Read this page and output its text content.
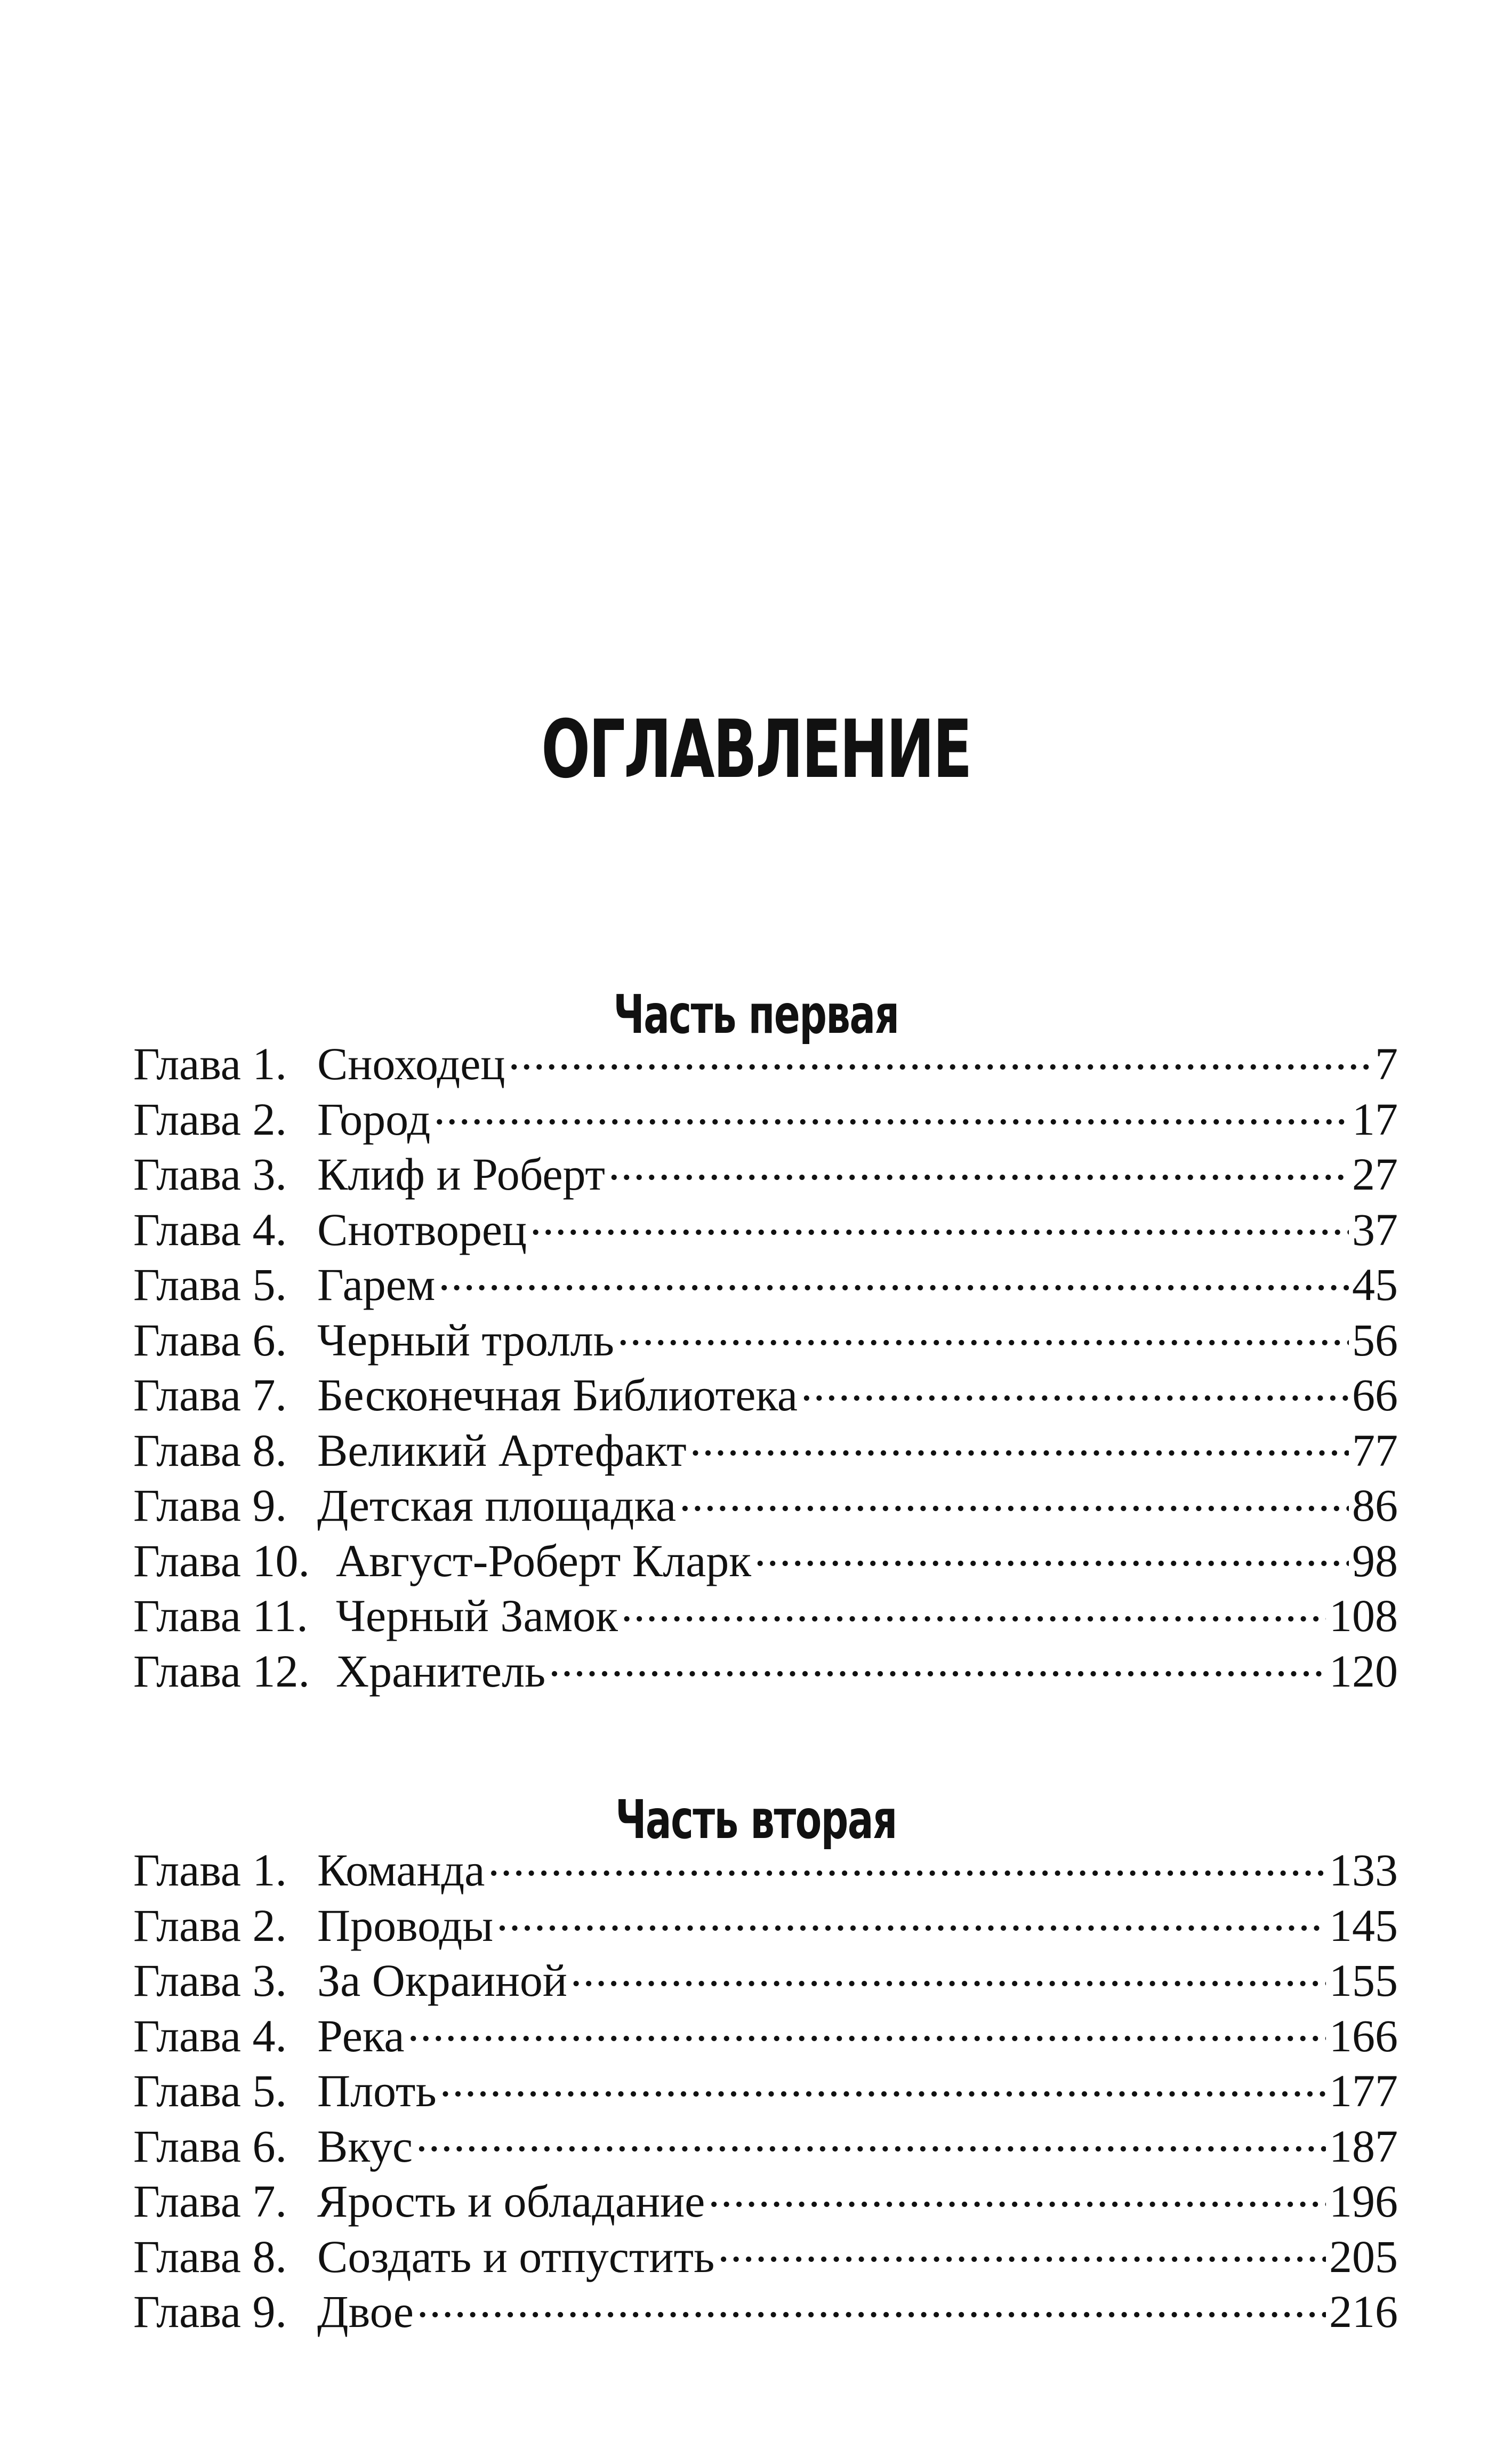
ОГЛАВЛЕНИЕ
Часть первая
Глава 1. Сноходец .....	7
Глава 2. Город .....	17
Глава 3. Клиф и Роберт .....	27
Глава 4. Снотворец .....	37
Глава 5. Гарем .....	45
Глава 6. Черный тролль .....	56
Глава 7. Бесконечная Библиотека .....	66
Глава 8. Великий Артефакт .....	77
Глава 9. Детская площадка .....	86
Глава 10. Август-Роберт Кларк .....	98
Глава 11. Черный Замок .....	108
Глава 12. Хранитель .....	120
Часть вторая
Глава 1. Команда .....	133
Глава 2. Проводы .....	145
Глава 3. За Окраиной .....	155
Глава 4. Река .....	166
Глава 5. Плоть .....	177
Глава 6. Вкус .....	187
Глава 7. Ярость и обладание .....	196
Глава 8. Создать и отпустить .....	205
Глава 9. Двое .....	216
